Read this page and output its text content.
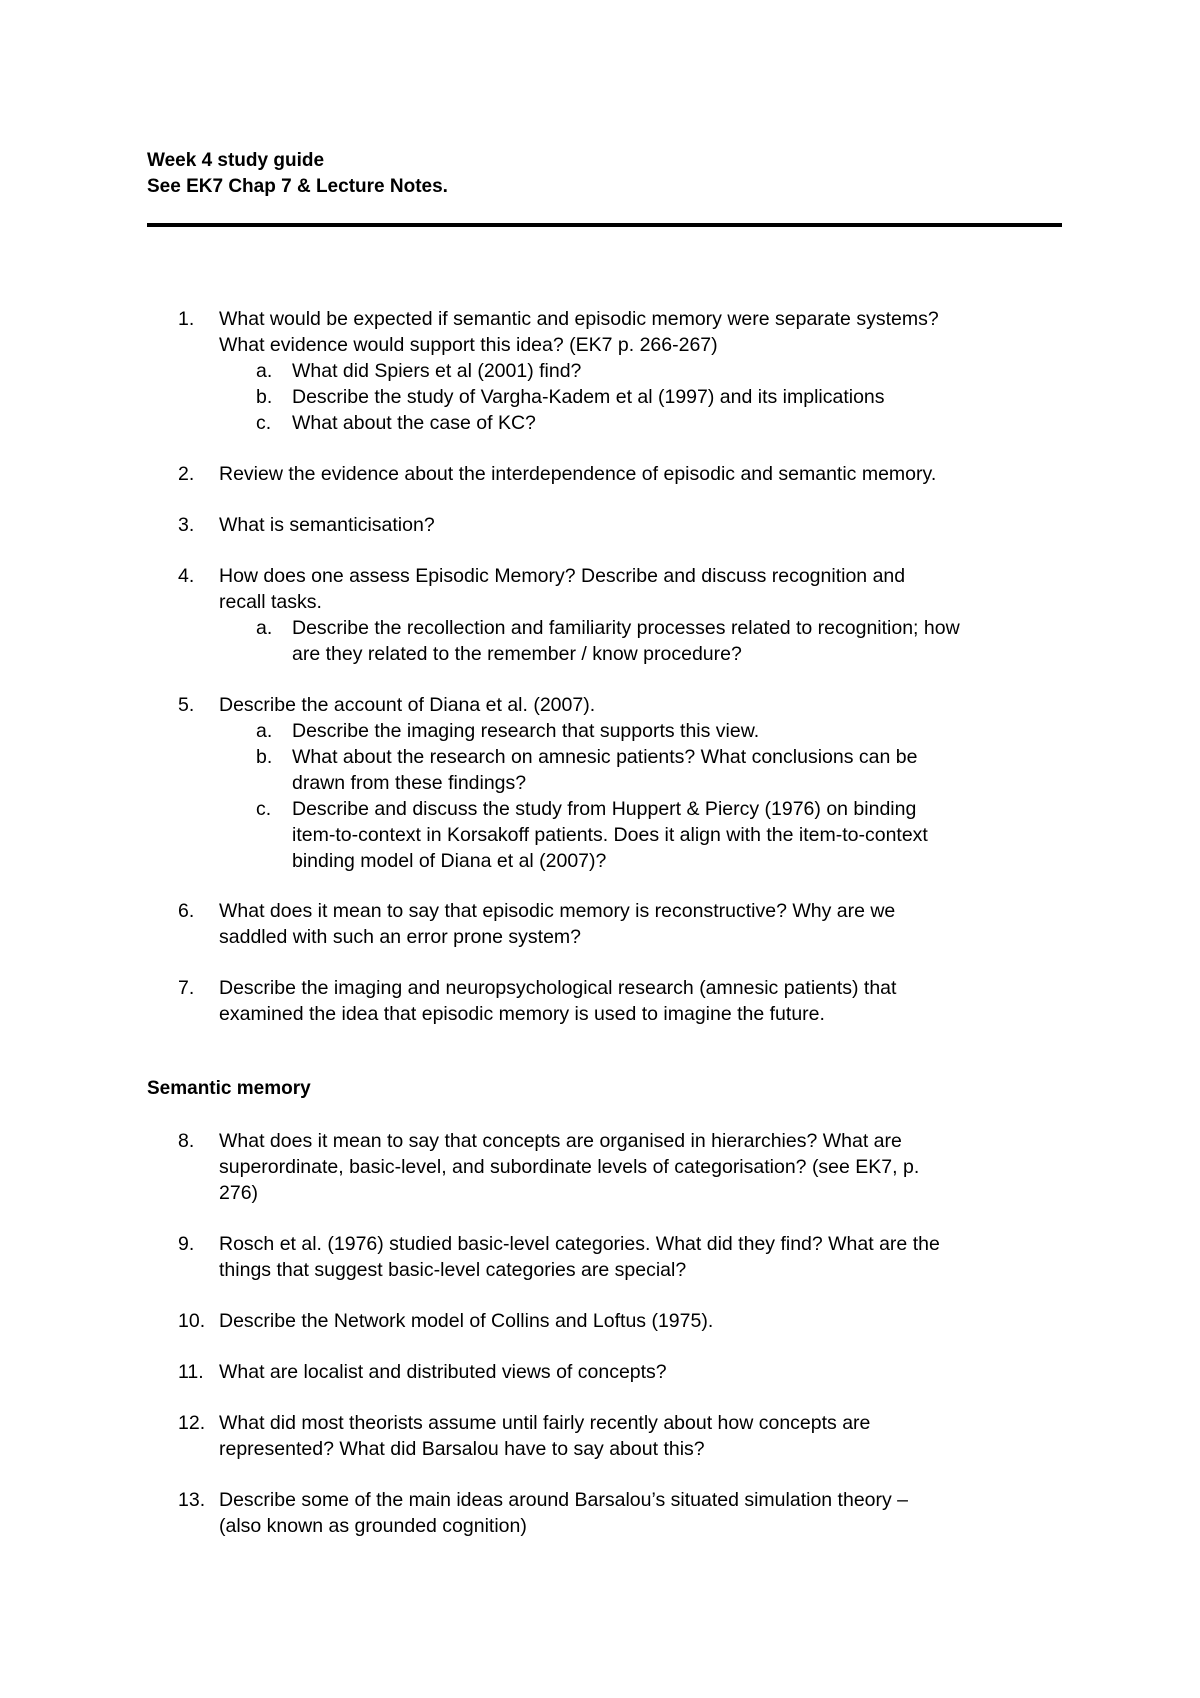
Week 4 study guide
See EK7 Chap 7 & Lecture Notes.
1.	What would be expected if semantic and episodic memory were separate systems?
What evidence would support this idea? (EK7 p. 266-267)
a. What did Spiers et al (2001) find?
b. Describe the study of Vargha-Kadem et al (1997) and its implications
c. What about the case of KC?
2.	Review the evidence about the interdependence of episodic and semantic memory.
3.	What is semanticisation?
4.	How does one assess Episodic Memory? Describe and discuss recognition and
recall tasks.
a. Describe the recollection and familiarity processes related to recognition; how
are they related to the remember / know procedure?
5.	Describe the account of Diana et al. (2007).
a. Describe the imaging research that supports this view.
b. What about the research on amnesic patients? What conclusions can be
drawn from these findings?
c. Describe and discuss the study from Huppert & Piercy (1976) on binding
item-to-context in Korsakoff patients. Does it align with the item-to-context
binding model of Diana et al (2007)?
6.	What does it mean to say that episodic memory is reconstructive? Why are we
saddled with such an error prone system?
7.	Describe the imaging and neuropsychological research (amnesic patients) that
examined the idea that episodic memory is used to imagine the future.
Semantic memory
8.	What does it mean to say that concepts are organised in hierarchies? What are
superordinate, basic-level, and subordinate levels of categorisation? (see EK7, p.
276)
9.	Rosch et al. (1976) studied basic-level categories. What did they find? What are the
things that suggest basic-level categories are special?
10. Describe the Network model of Collins and Loftus (1975).
11. What are localist and distributed views of concepts?
12. What did most theorists assume until fairly recently about how concepts are
represented? What did Barsalou have to say about this?
13. Describe some of the main ideas around Barsalou’s situated simulation theory –
(also known as grounded cognition)
